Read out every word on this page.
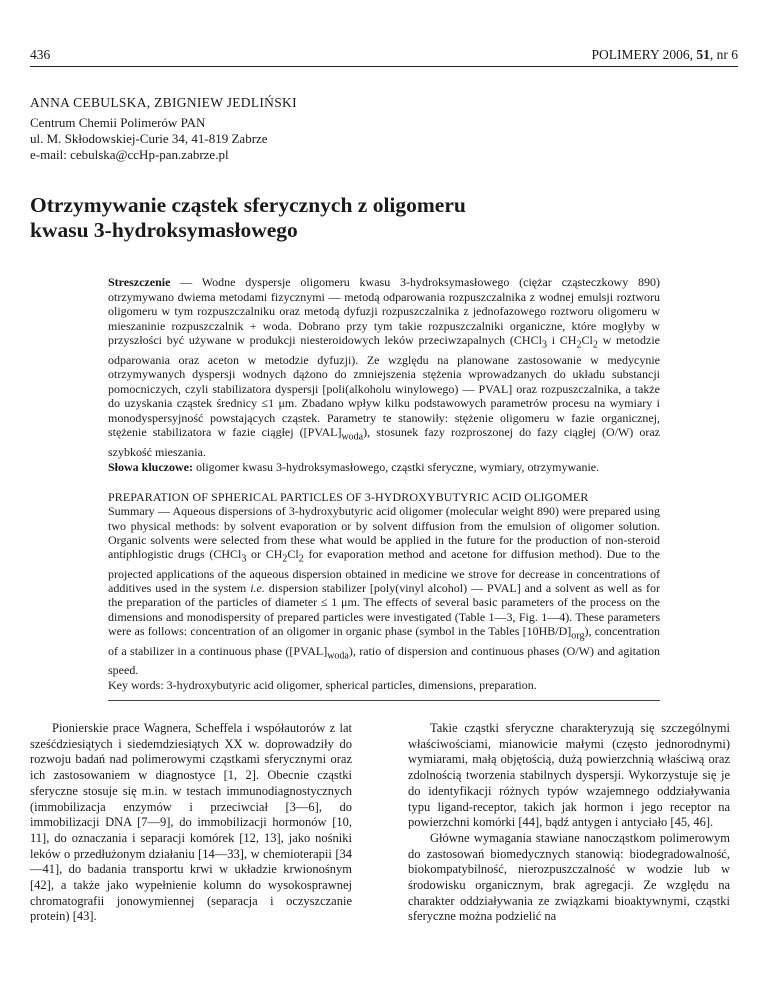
436	POLIMERY 2006, 51, nr 6
ANNA CEBULSKA, ZBIGNIEW JEDLIŃSKI
Centrum Chemii Polimerów PAN
ul. M. Skłodowskiej-Curie 34, 41-819 Zabrze
e-mail: cebulska@ccHp-pan.zabrze.pl
Otrzymywanie cząstek sferycznych z oligomeru
kwasu 3-hydroksymasłowego

Streszczenie — Wodne dyspersje oligomeru kwasu 3-hydroksymasłowego (ciężar cząsteczkowy 890) otrzymywano dwiema metodami fizycznymi — metodą odparowania rozpuszczalnika z wodnej emulsji roztworu oligomeru w tym rozpuszczalniku oraz metodą dyfuzji rozpuszczalnika z jednofazowego roztworu oligomeru w mieszaninie rozpuszczalnik + woda. Dobrano przy tym takie rozpuszczalniki organiczne, które mogłyby w przyszłości być używane w produkcji niesteroidowych leków przeciwzapalnych (CHCl$_3$ i $CH_2Cl_2$ w metodzie odparowania oraz aceton w metodzie dyfuzji). Ze względu na planowane zastosowanie w medycynie otrzymywanych dyspersji wodnych dążono do zmniejszenia stężenia wprowadzanych do układu substancji pomocniczych, czyli stabilizatora dyspersji [poli(alkoholu winylowego) — PVAL] oraz rozpuszczalnika, a także do uzyskania cząstek średnicy ≤1 μm. Zbadano wpływ kilku podstawowych parametrów procesu na wymiary i monodyspersyjność powstających cząstek. Parametry te stanowiły: stężenie oligomeru w fazie organicznej, stężenie stabilizatora w fazie ciągłej $([PVAL]_{woda})$, stosunek fazy rozproszonej do fazy ciągłej (O/W) oraz szybkość mieszania.

Słowa kluczowe: oligomer kwasu 3-hydroksymasłowego, cząstki sferyczne, wymiary, otrzymywanie.

PREPARATION OF SPHERICAL PARTICLES OF 3-HYDROXYBUTYRIC ACID OLIGOMER

Summary — Aqueous dispersions of 3-hydroxybutyric acid oligomer (molecular weight 890) were prepared using two physical methods: by solvent evaporation or by solvent diffusion from the emulsion of oligomer solution. Organic solvents were selected from these what would be applied in the future for the production of non-steroid antiphlogistic drugs (CHCl$_3$ or $CH_2Cl_2$ for evaporation method and acetone for diffusion method). Due to the projected applications of the aqueous dispersion obtained in medicine we strove for decrease in concentrations of additives used in the system i.e. dispersion stabilizer [poly(vinyl alcohol) — PVAL] and a solvent as well as for the preparation of the particles of diameter ≤ 1 μm. The effects of several basic parameters of the process on the dimensions and monodispersity of prepared particles were investigated (Table 1—3, Fig. 1—4). These parameters were as follows: concentration of an oligomer in organic phase (symbol in the Tables $[10HB/D]_{org}$), concentration of a stabilizer in a continuous phase $([PVAL]_{woda})$, ratio of dispersion and continuous phases (O/W) and agitation speed.

Key words: 3-hydroxybutyric acid oligomer, spherical particles, dimensions, preparation.

Pionierskie prace Wagnera, Scheffela i współautorów z lat sześćdziesiątych i siedemdziesiątych XX w. doprowadziły do rozwoju badań nad polimerowymi cząstkami sferycznymi oraz ich zastosowaniem w diagnostyce [1, 2]. Obecnie cząstki sferyczne stosuje się m.in. w testach immunodiagnostycznych (immobilizacja enzymów i przeciwciał [3—6], do immobilizacji DNA [7—9], do immobilizacji hormonów [10, 11], do oznaczania i separacji komórek [12, 13], jako nośniki leków o przedłużonym działaniu [14—33], w chemioterapii [34—41], do badania transportu krwi w układzie krwionośnym [42], a także jako wypełnienie kolumn do wysokosprawnej chromatografii jonowymiennej (separacja i oczyszczanie protein) [43].

Takie cząstki sferyczne charakteryzują się szczególnymi właściwościami, mianowicie małymi (często jednorodnymi) wymiarami, małą objętością, dużą powierzchnią właściwą oraz zdolnością tworzenia stabilnych dyspersji. Wykorzystuje się je do identyfikacji różnych typów wzajemnego oddziaływania typu ligand-receptor, takich jak hormon i jego receptor na powierzchni komórki [44], bądź antygen i antyciało [45, 46].

Główne wymagania stawiane nanocząstkom polimerowym do zastosowań biomedycznych stanowią: biodegradowalność, biokompatybilność, nierozpuszczalność w wodzie lub w środowisku organicznym, brak agregacji. Ze względu na charakter oddziaływania ze związkami bioaktywnymi, cząstki sferyczne można podzielić na
